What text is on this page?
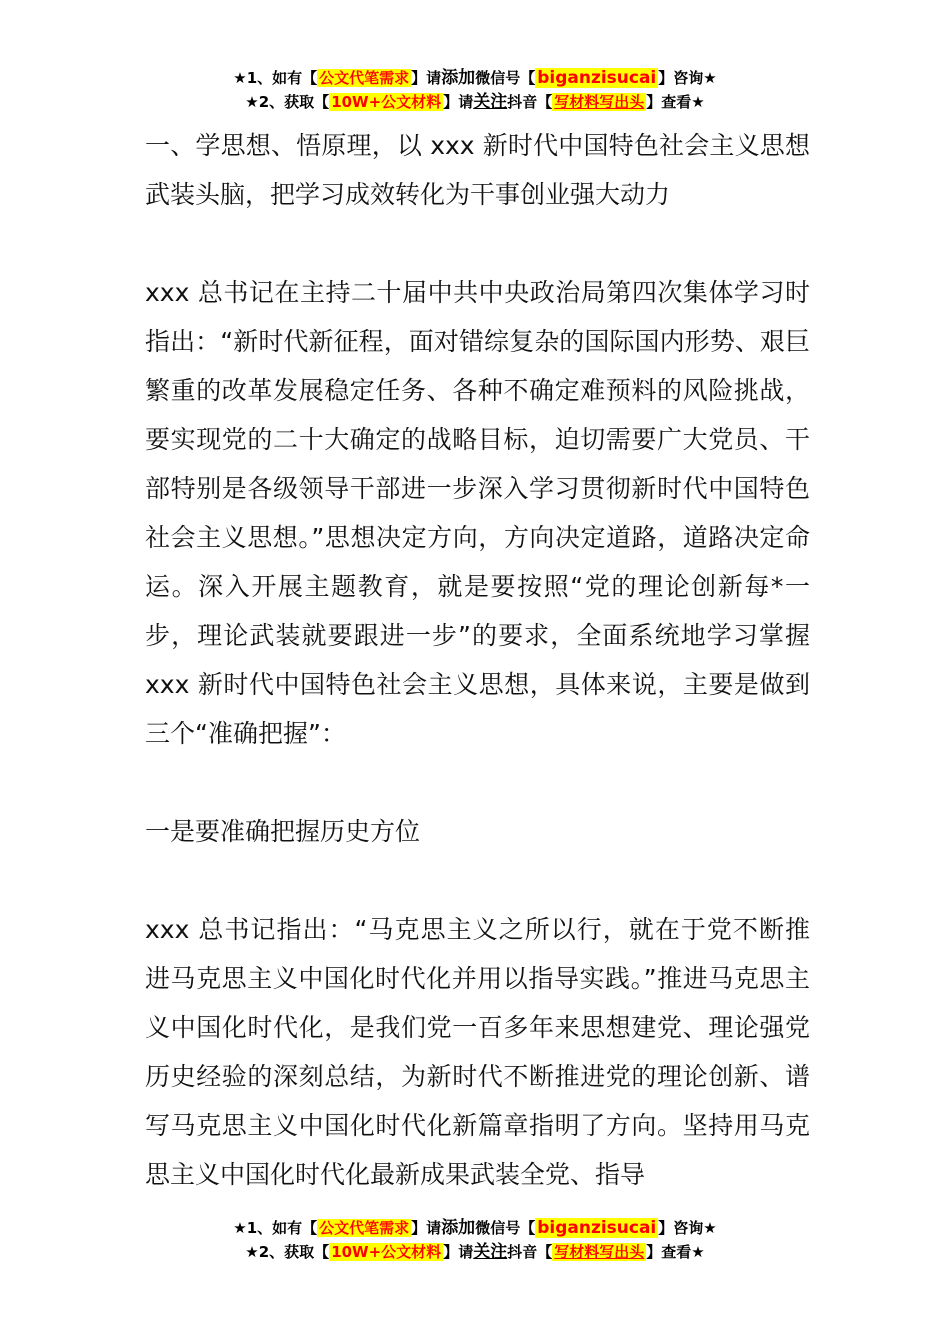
★1、如有【 公文代笔需求 】请添加微信号【 biganzisucai 】咨询★
★2、获取【 10W+公文材料 】请关注抖音【 写材料写出头 】查看★

一、学思想、悟原理，以 xxx 新时代中国特色社会主义思想武装头脑，把学习成效转化为干事创业强大动力

xxx 总书记在主持二十届中共中央政治局第四次集体学习时指出：“新时代新征程，面对错综复杂的国际国内形势、艰巨繁重的改革发展稳定任务、各种不确定难预料的风险挑战，要实现党的二十大确定的战略目标，迫切需要广大党员、干部特别是各级领导干部进一步深入学习贯彻新时代中国特色社会主义思想。”思想决定方向，方向决定道路，道路决定命运。深入开展主题教育，就是要按照“党的理论创新每*一步，理论武装就要跟进一步”的要求，全面系统地学习掌握 xxx 新时代中国特色社会主义思想，具体来说，主要是做到三个“准确把握”：

一是要准确把握历史方位

xxx 总书记指出：“马克思主义之所以行，就在于党不断推进马克思主义中国化时代化并用以指导实践。”推进马克思主义中国化时代化，是我们党一百多年来思想建党、理论强党历史经验的深刻总结，为新时代不断推进党的理论创新、谱写马克思主义中国化时代化新篇章指明了方向。坚持用马克思主义中国化时代化最新成果武装全党、指导

★1、如有【 公文代笔需求 】请添加微信号【 biganzisucai 】咨询★
★2、获取【 10W+公文材料 】请关注抖音【 写材料写出头 】查看★
